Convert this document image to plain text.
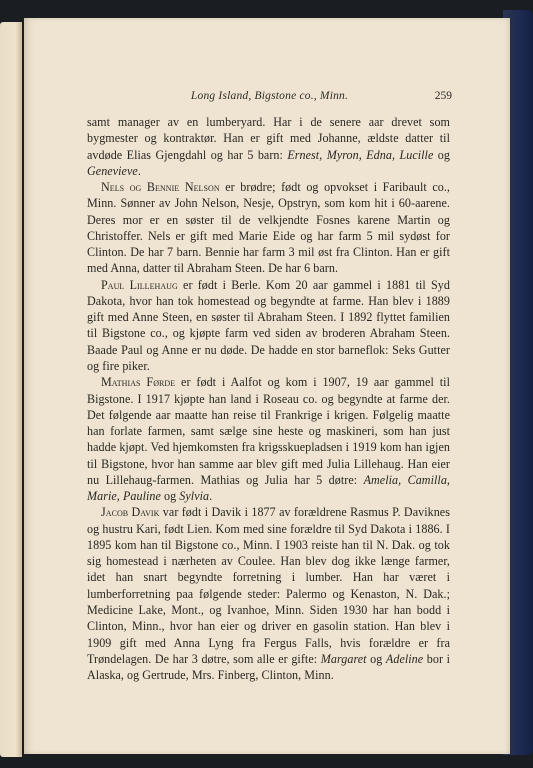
Long Island, Bigstone co., Minn.	259

samt manager av en lumberyard. Har i de senere aar drevet som bygmester og kontraktør. Han er gift med Johanne, ældste datter til avdøde Elias Gjengdahl og har 5 barn: Ernest, Myron, Edna, Lucille og Genevieve.

Nels og Bennie Nelson er brødre; født og opvokset i Faribault co., Minn. Sønner av John Nelson, Nesje, Opstryn, som kom hit i 60-aarene. Deres mor er en søster til de velkjendte Fosnes karene Martin og Christoffer. Nels er gift med Marie Eide og har farm 5 mil sydøst for Clinton. De har 7 barn. Bennie har farm 3 mil øst fra Clinton. Han er gift med Anna, datter til Abraham Steen. De har 6 barn.

Paul Lillehaug er født i Berle. Kom 20 aar gammel i 1881 til Syd Dakota, hvor han tok homestead og begyndte at farme. Han blev i 1889 gift med Anne Steen, en søster til Abraham Steen. I 1892 flyttet familien til Bigstone co., og kjøpte farm ved siden av broderen Abraham Steen. Baade Paul og Anne er nu døde. De hadde en stor barneflok: Seks Gutter og fire piker.

Mathias Førde er født i Aalfot og kom i 1907, 19 aar gammel til Bigstone. I 1917 kjøpte han land i Roseau co. og begyndte at farme der. Det følgende aar maatte han reise til Frankrige i krigen. Følgelig maatte han forlate farmen, samt sælge sine heste og maskineri, som han just hadde kjøpt. Ved hjemkomsten fra krigsskuepladsen i 1919 kom han igjen til Bigstone, hvor han samme aar blev gift med Julia Lillehaug. Han eier nu Lillehaug-farmen. Mathias og Julia har 5 døtre: Amelia, Camilla, Marie, Pauline og Sylvia.

Jacob Davik var født i Davik i 1877 av forældrene Rasmus P. Daviknes og hustru Kari, født Lien. Kom med sine forældre til Syd Dakota i 1886. I 1895 kom han til Bigstone co., Minn. I 1903 reiste han til N. Dak. og tok sig homestead i nærheten av Coulee. Han blev dog ikke længe farmer, idet han snart begyndte forretning i lumber. Han har været i lumberforretning paa følgende steder: Palermo og Kenaston, N. Dak.; Medicine Lake, Mont., og Ivanhoe, Minn. Siden 1930 har han bodd i Clinton, Minn., hvor han eier og driver en gasolin station. Han blev i 1909 gift med Anna Lyng fra Fergus Falls, hvis forældre er fra Trøndelagen. De har 3 døtre, som alle er gifte: Margaret og Adeline bor i Alaska, og Gertrude, Mrs. Finberg, Clinton, Minn.
